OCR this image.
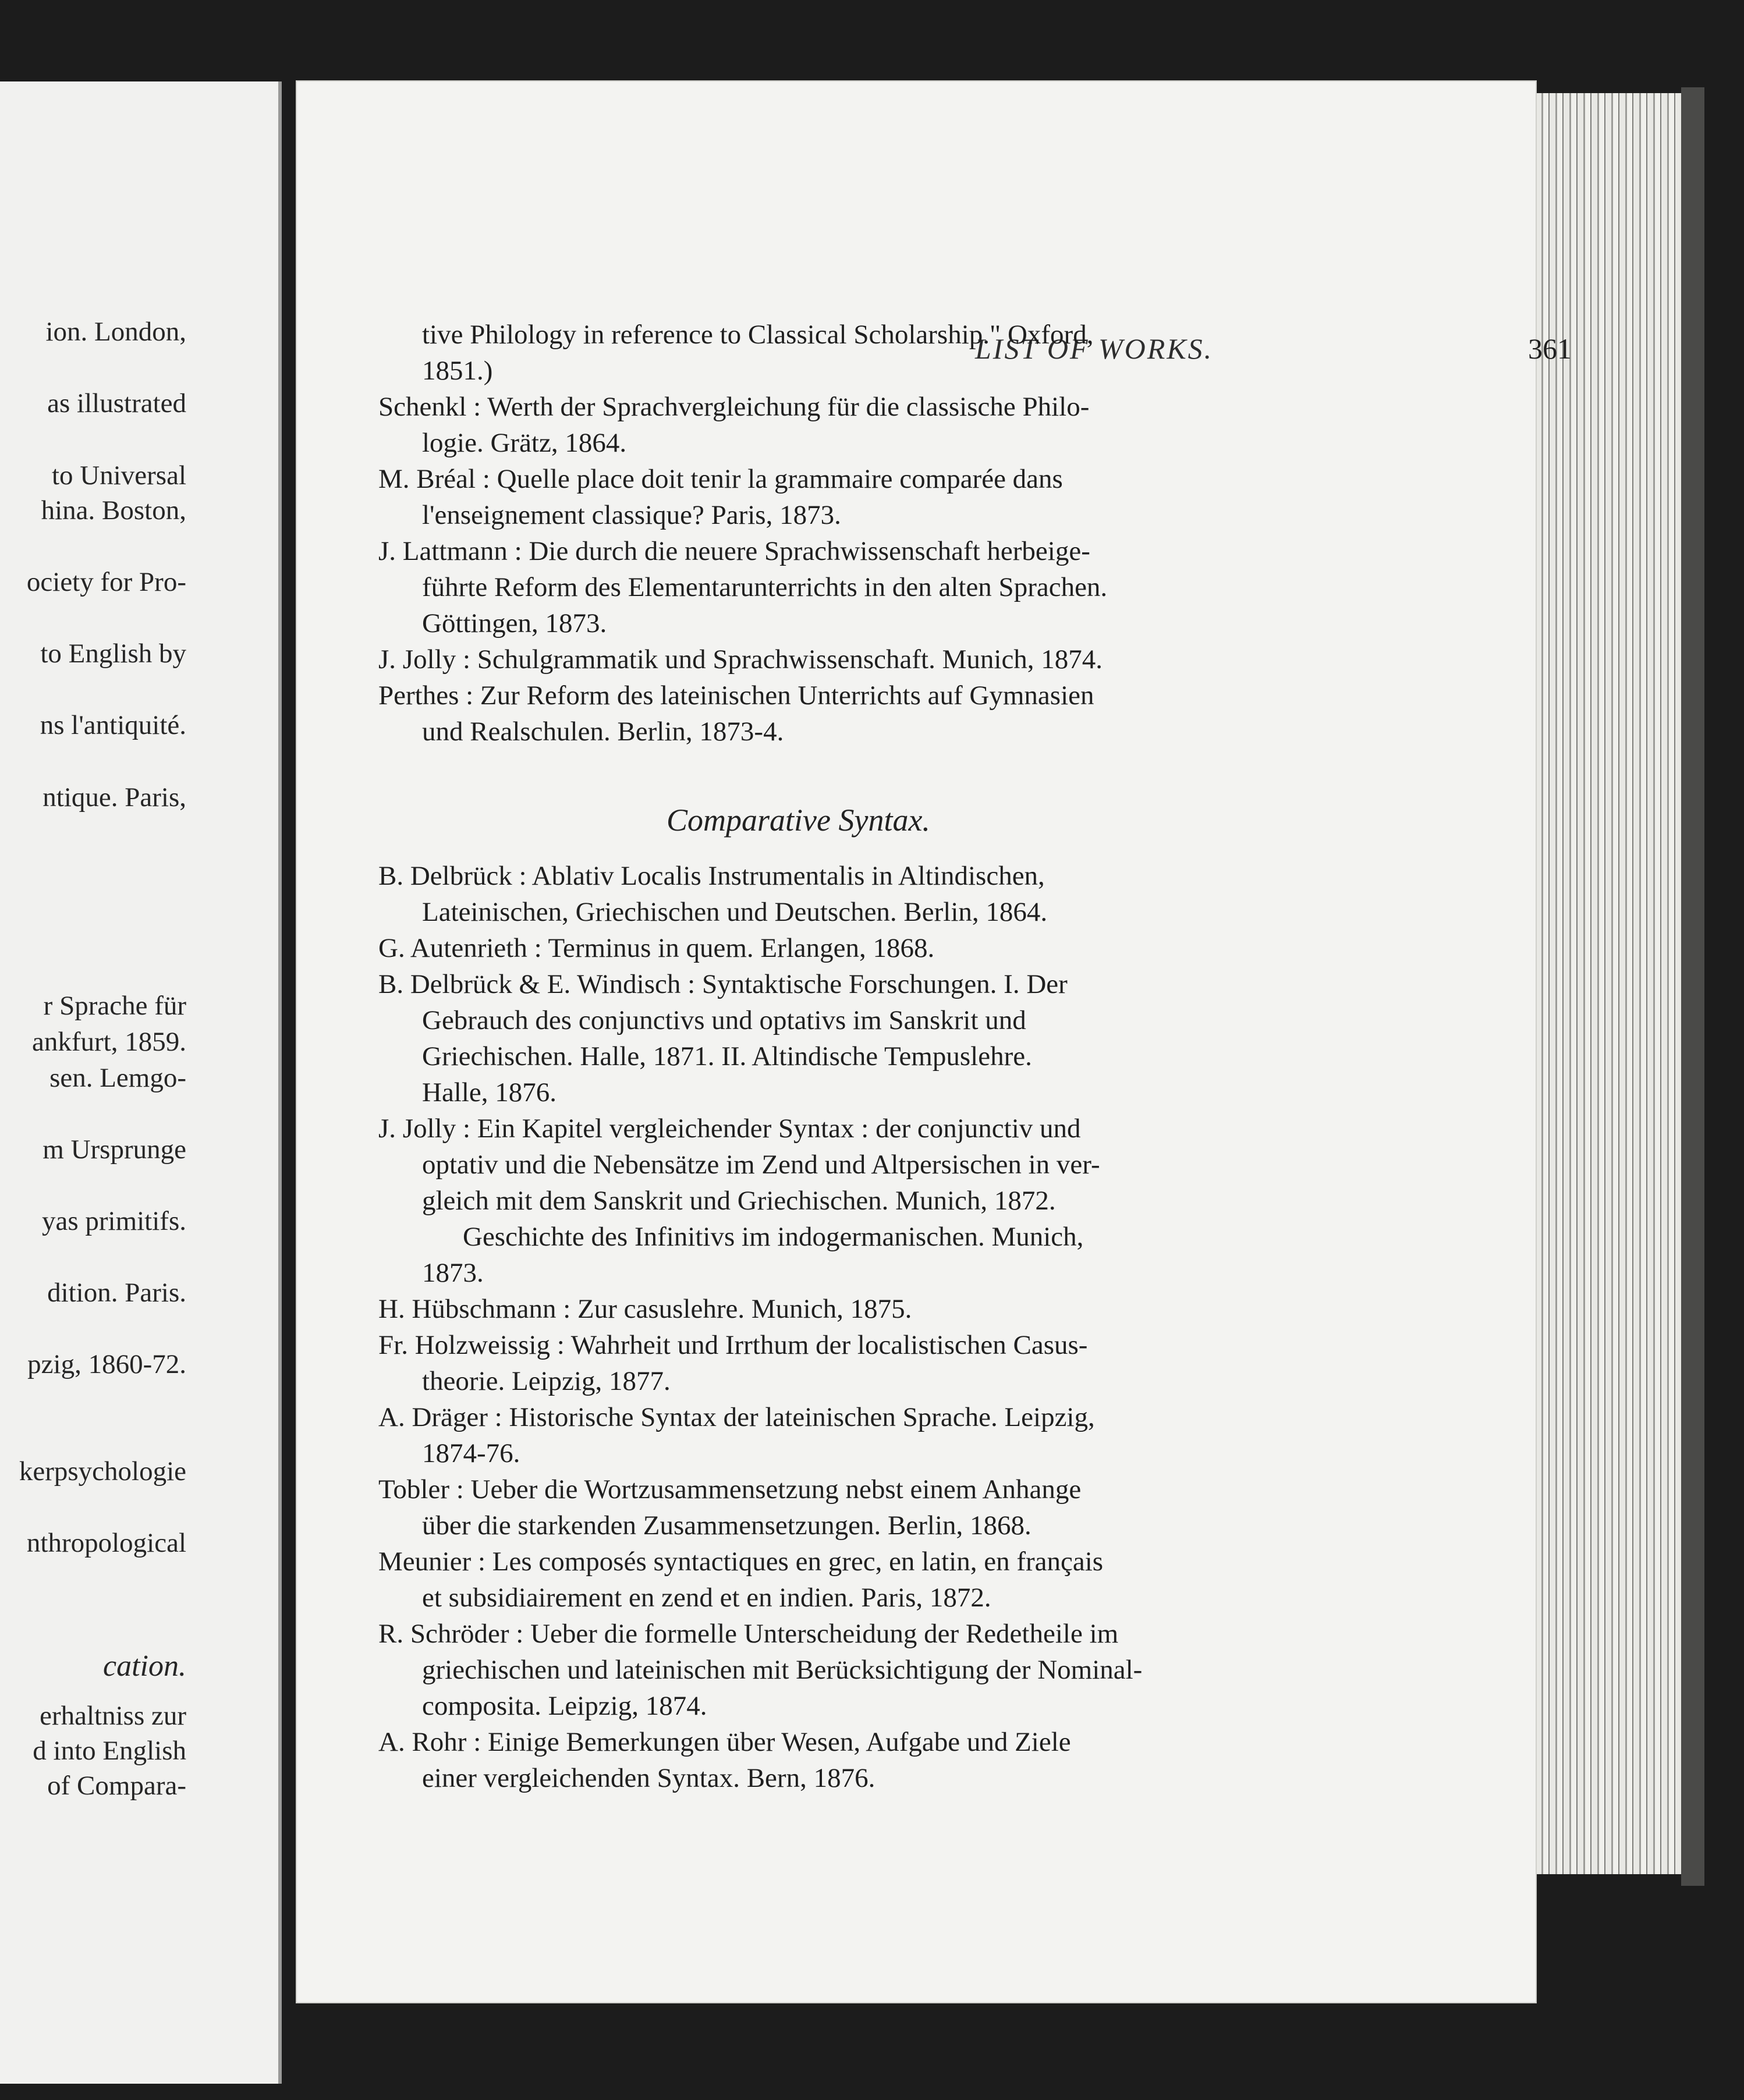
ion. London,
as illustrated
to Universal
hina. Boston,
ociety for Pro-
to English by
ns l'antiquité.
ntique. Paris,
r Sprache für
ankfurt, 1859.
sen. Lemgo-
m Ursprunge
yas primitifs.
dition. Paris.
pzig, 1860-72.
kerpsychologie
nthropological
cation.
erhaltniss zur
d into English
of Compara-
LIST OF WORKS.	361
tive Philology in reference to Classical Scholarship." Oxford,
1851.)
Schenkl : Werth der Sprachvergleichung für die classische Philo-
logie. Grätz, 1864.
M. Bréal : Quelle place doit tenir la grammaire comparée dans
l'enseignement classique? Paris, 1873.
J. Lattmann : Die durch die neuere Sprachwissenschaft herbeige-
führte Reform des Elementarunterrichts in den alten Sprachen.
Göttingen, 1873.
J. Jolly : Schulgrammatik und Sprachwissenschaft. Munich, 1874.
Perthes : Zur Reform des lateinischen Unterrichts auf Gymnasien
und Realschulen. Berlin, 1873-4.
Comparative Syntax.
B. Delbrück : Ablativ Localis Instrumentalis in Altindischen,
Lateinischen, Griechischen und Deutschen. Berlin, 1864.
G. Autenrieth : Terminus in quem. Erlangen, 1868.
B. Delbrück & E. Windisch : Syntaktische Forschungen. I. Der
Gebrauch des conjunctivs und optativs im Sanskrit und
Griechischen. Halle, 1871. II. Altindische Tempuslehre.
Halle, 1876.
J. Jolly : Ein Kapitel vergleichender Syntax : der conjunctiv und
optativ und die Nebensätze im Zend und Altpersischen in ver-
gleich mit dem Sanskrit und Griechischen. Munich, 1872.
Geschichte des Infinitivs im indogermanischen. Munich,
1873.
H. Hübschmann : Zur casuslehre. Munich, 1875.
Fr. Holzweissig : Wahrheit und Irrthum der localistischen Casus-
theorie. Leipzig, 1877.
A. Dräger : Historische Syntax der lateinischen Sprache. Leipzig,
1874-76.
Tobler : Ueber die Wortzusammensetzung nebst einem Anhange
über die starkenden Zusammensetzungen. Berlin, 1868.
Meunier : Les composés syntactiques en grec, en latin, en français
et subsidiairement en zend et en indien. Paris, 1872.
R. Schröder : Ueber die formelle Unterscheidung der Redetheile im
griechischen und lateinischen mit Berücksichtigung der Nominal-
composita. Leipzig, 1874.
A. Rohr : Einige Bemerkungen über Wesen, Aufgabe und Ziele
einer vergleichenden Syntax. Bern, 1876.
